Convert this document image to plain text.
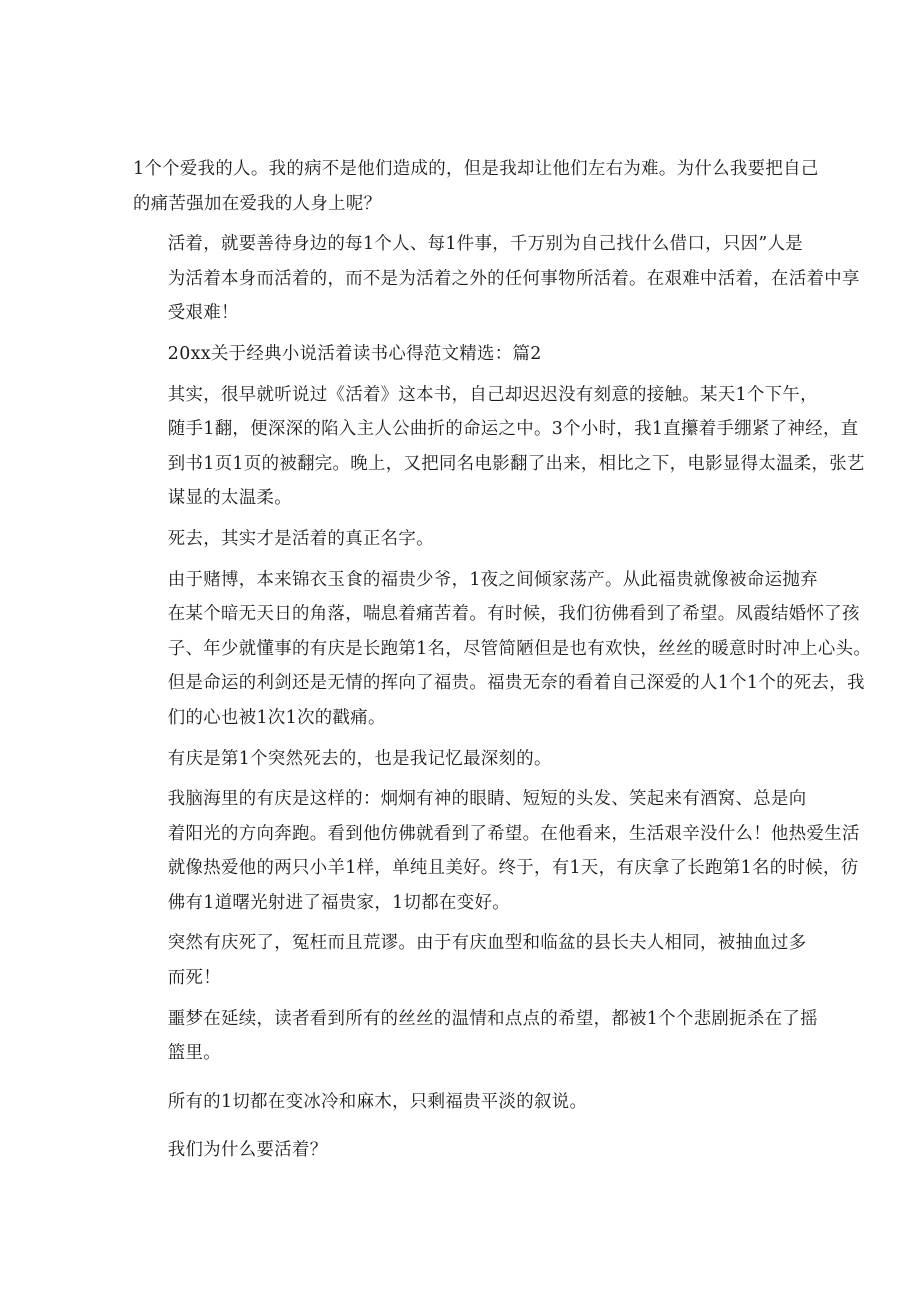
1个个爱我的人。我的病不是他们造成的，但是我却让他们左右为难。为什么我要把自己
的痛苦强加在爱我的人身上呢？

活着，就要善待身边的每1个人、每1件事，千万别为自己找什么借口，只因”人是
为活着本身而活着的，而不是为活着之外的任何事物所活着。在艰难中活着，在活着中享
受艰难！

20xx关于经典小说活着读书心得范文精选：篇2

其实，很早就听说过《活着》这本书，自己却迟迟没有刻意的接触。某天1个下午，
随手1翻，便深深的陷入主人公曲折的命运之中。3个小时，我1直攥着手绷紧了神经，直
到书1页1页的被翻完。晚上，又把同名电影翻了出来，相比之下，电影显得太温柔，张艺
谋显的太温柔。

死去，其实才是活着的真正名字。

由于赌博，本来锦衣玉食的福贵少爷，1夜之间倾家荡产。从此福贵就像被命运抛弃
在某个暗无天日的角落，喘息着痛苦着。有时候，我们彷佛看到了希望。凤霞结婚怀了孩
子、年少就懂事的有庆是长跑第1名，尽管简陋但是也有欢快，丝丝的暖意时时冲上心头。
但是命运的利剑还是无情的挥向了福贵。福贵无奈的看着自己深爱的人1个1个的死去，我
们的心也被1次1次的戳痛。

有庆是第1个突然死去的，也是我记忆最深刻的。

我脑海里的有庆是这样的：炯炯有神的眼睛、短短的头发、笑起来有酒窝、总是向
着阳光的方向奔跑。看到他仿佛就看到了希望。在他看来，生活艰辛没什么！他热爱生活
就像热爱他的两只小羊1样，单纯且美好。终于，有1天，有庆拿了长跑第1名的时候，彷
佛有1道曙光射进了福贵家，1切都在变好。

突然有庆死了，冤枉而且荒谬。由于有庆血型和临盆的县长夫人相同，被抽血过多
而死！

噩梦在延续，读者看到所有的丝丝的温情和点点的希望，都被1个个悲剧扼杀在了摇
篮里。

所有的1切都在变冰冷和麻木，只剩福贵平淡的叙说。

我们为什么要活着？
